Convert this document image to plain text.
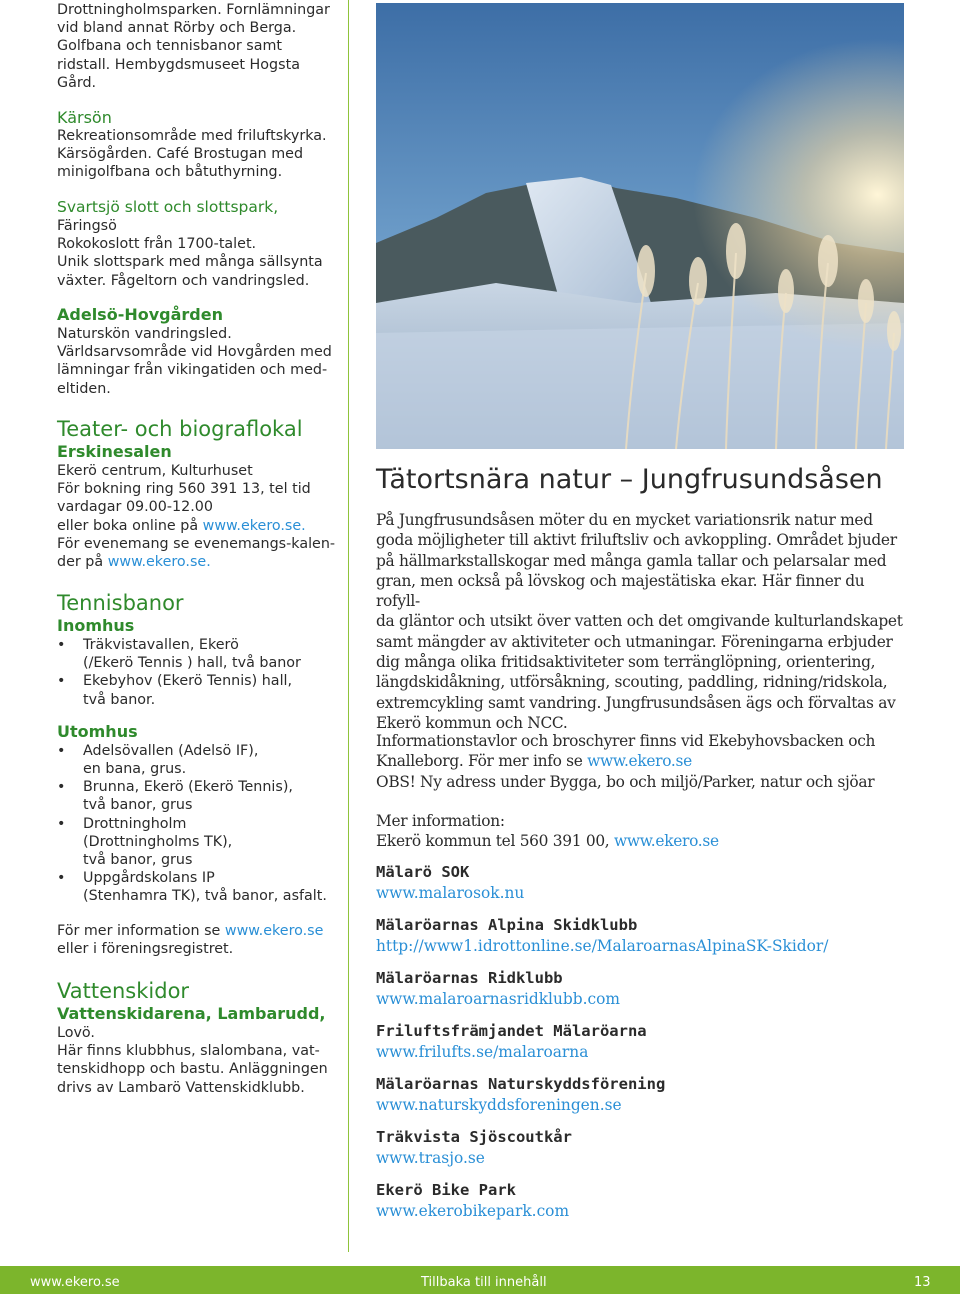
Drottningholmsparken. Fornlämningar

vid bland annat Rörby och Berga.

Golfbana och tennisbanor samt

ridstall. Hembygdsmuseet Hogsta

Gård.

Kärsön

Rekreationsområde med friluftskyrka.

Kärsögården. Café Brostugan med

minigolfbana och båtuthyrning.

Svartsjö slott och slottspark,

Färingsö

Rokokoslott från 1700-talet.

Unik slottspark med många sällsynta

växter. Fågeltorn och vandringsled.

Adelsö-Hovgården

Naturskön vandringsled.

Världsarvsområde vid Hovgården med

lämningar från vikingatiden och med-

eltiden.

Teater- och biograflokal

Erskinesalen

Ekerö centrum, Kulturhuset

För bokning ring 560 391 13, tel tid

vardagar 09.00-12.00

eller boka online på www.ekero.se.

För evenemang se evenemangs-kalen-

der på www.ekero.se.

Tennisbanor

Inomhus

• Träkvistavallen, Ekerö
(/Ekerö Tennis ) hall, två banor
• Ekebyhov (Ekerö Tennis) hall,
två banor.

Utomhus

• Adelsövallen (Adelsö IF),
en bana, grus.
• Brunna, Ekerö (Ekerö Tennis),
två banor, grus
• Drottningholm
(Drottningholms TK),
två banor, grus
• Uppgårdskolans IP
(Stenhamra TK), två banor, asfalt.

För mer information se www.ekero.se

eller i föreningsregistret.

Vattenskidor

Vattenskidarena, Lambarudd,

Lovö.

Här finns klubbhus, slalombana, vat-

tenskidhopp och bastu. Anläggningen

drivs av Lambarö Vattenskidklubb.

Tätortsnära natur – Jungfrusundsåsen

På Jungfrusundsåsen möter du en mycket variationsrik natur med

goda möjligheter till aktivt friluftsliv och avkoppling. Området bjuder

på hällmarkstallskogar med många gamla tallar och pelarsalar med

gran, men också på lövskog och majestätiska ekar. Här finner du rofyll-

da gläntor och utsikt över vatten och det omgivande kulturlandskapet

samt mängder av aktiviteter och utmaningar. Föreningarna erbjuder

dig många olika fritidsaktiviteter som terränglöpning, orientering,

längdskidåkning, utförsåkning, scouting, paddling, ridning/ridskola,

extremcykling samt vandring. Jungfrusundsåsen ägs och förvaltas av

Ekerö kommun och NCC.

Informationstavlor och broschyrer finns vid Ekebyhovsbacken och

Knalleborg. För mer info se www.ekero.se

OBS! Ny adress under Bygga, bo och miljö/Parker, natur och sjöar

Mer information:

Ekerö kommun tel 560 391 00, www.ekero.se

Mälarö SOK

www.malarosok.nu

Mälaröarnas Alpina Skidklubb

http://www1.idrottonline.se/MalaroarnasAlpinaSK-Skidor/

Mälaröarnas Ridklubb

www.malaroarnasridklubb.com

Friluftsfrämjandet Mälaröarna

www.frilufts.se/malaroarna

Mälaröarnas Naturskyddsförening

www.naturskyddsforeningen.se

Träkvista Sjöscoutkår

www.trasjo.se

Ekerö Bike Park

www.ekerobikepark.com

www.ekero.se	Tillbaka till innehåll	13
